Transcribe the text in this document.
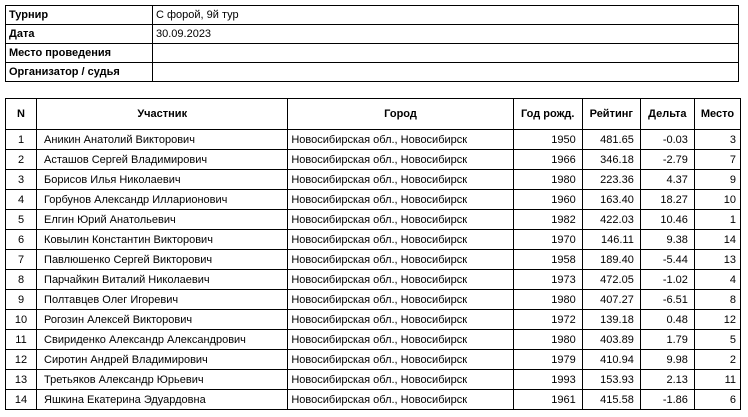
Турнир	С форой, 9й тур
Дата	30.09.2023
Место проведения	
Организатор / судья	
N	Участник	Город	Год рожд.	Рейтинг	Дельта	Место
1	Аникин Анатолий Викторович	Новосибирская обл., Новосибирск	1950	481.65	-0.03	3
2	Асташов Сергей Владимирович	Новосибирская обл., Новосибирск	1966	346.18	-2.79	7
3	Борисов Илья Николаевич	Новосибирская обл., Новосибирск	1980	223.36	4.37	9
4	Горбунов Александр Илларионович	Новосибирская обл., Новосибирск	1960	163.40	18.27	10
5	Елгин Юрий Анатольевич	Новосибирская обл., Новосибирск	1982	422.03	10.46	1
6	Ковылин Константин Викторович	Новосибирская обл., Новосибирск	1970	146.11	9.38	14
7	Павлюшенко Сергей Викторович	Новосибирская обл., Новосибирск	1958	189.40	-5.44	13
8	Парчайкин Виталий Николаевич	Новосибирская обл., Новосибирск	1973	472.05	-1.02	4
9	Полтавцев Олег Игоревич	Новосибирская обл., Новосибирск	1980	407.27	-6.51	8
10	Рогозин Алексей Викторович	Новосибирская обл., Новосибирск	1972	139.18	0.48	12
11	Свириденко Александр Александрович	Новосибирская обл., Новосибирск	1980	403.89	1.79	5
12	Сиротин Андрей Владимирович	Новосибирская обл., Новосибирск	1979	410.94	9.98	2
13	Третьяков Александр Юрьевич	Новосибирская обл., Новосибирск	1993	153.93	2.13	11
14	Яшкина Екатерина Эдуардовна	Новосибирская обл., Новосибирск	1961	415.58	-1.86	6
